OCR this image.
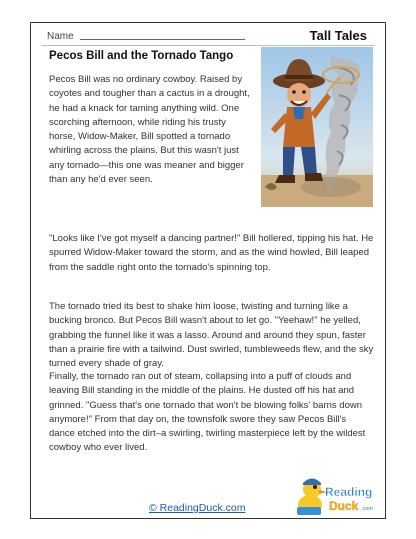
Name	Tall Tales
Pecos Bill and the Tornado Tango

Pecos Bill was no ordinary cowboy. Raised by coyotes and tougher than a cactus in a drought, he had a knack for taming anything wild. One scorching afternoon, while riding his trusty horse, Widow-Maker, Bill spotted a tornado whirling across the plains. But this wasn't just any tornado—this one was meaner and bigger than any he'd ever seen.

"Looks like I've got myself a dancing partner!" Bill hollered, tipping his hat. He spurred Widow-Maker toward the storm, and as the wind howled, Bill leaped from the saddle right onto the tornado's spinning top.

The tornado tried its best to shake him loose, twisting and turning like a bucking bronco. But Pecos Bill wasn't about to let go. "Yeehaw!" he yelled, grabbing the funnel like it was a lasso. Around and around they spun, faster than a prairie fire with a tailwind. Dust swirled, tumbleweeds flew, and the sky turned every shade of gray.

Finally, the tornado ran out of steam, collapsing into a puff of clouds and leaving Bill standing in the middle of the plains. He dusted off his hat and grinned. "Guess that's one tornado that won't be blowing folks' barns down anymore!" From that day on, the townsfolk swore they saw Pecos Bill's dance etched into the dirt–a swirling, twirling masterpiece left by the wildest cowboy who ever lived.

© ReadingDuck.com
Reading
Duck .com
